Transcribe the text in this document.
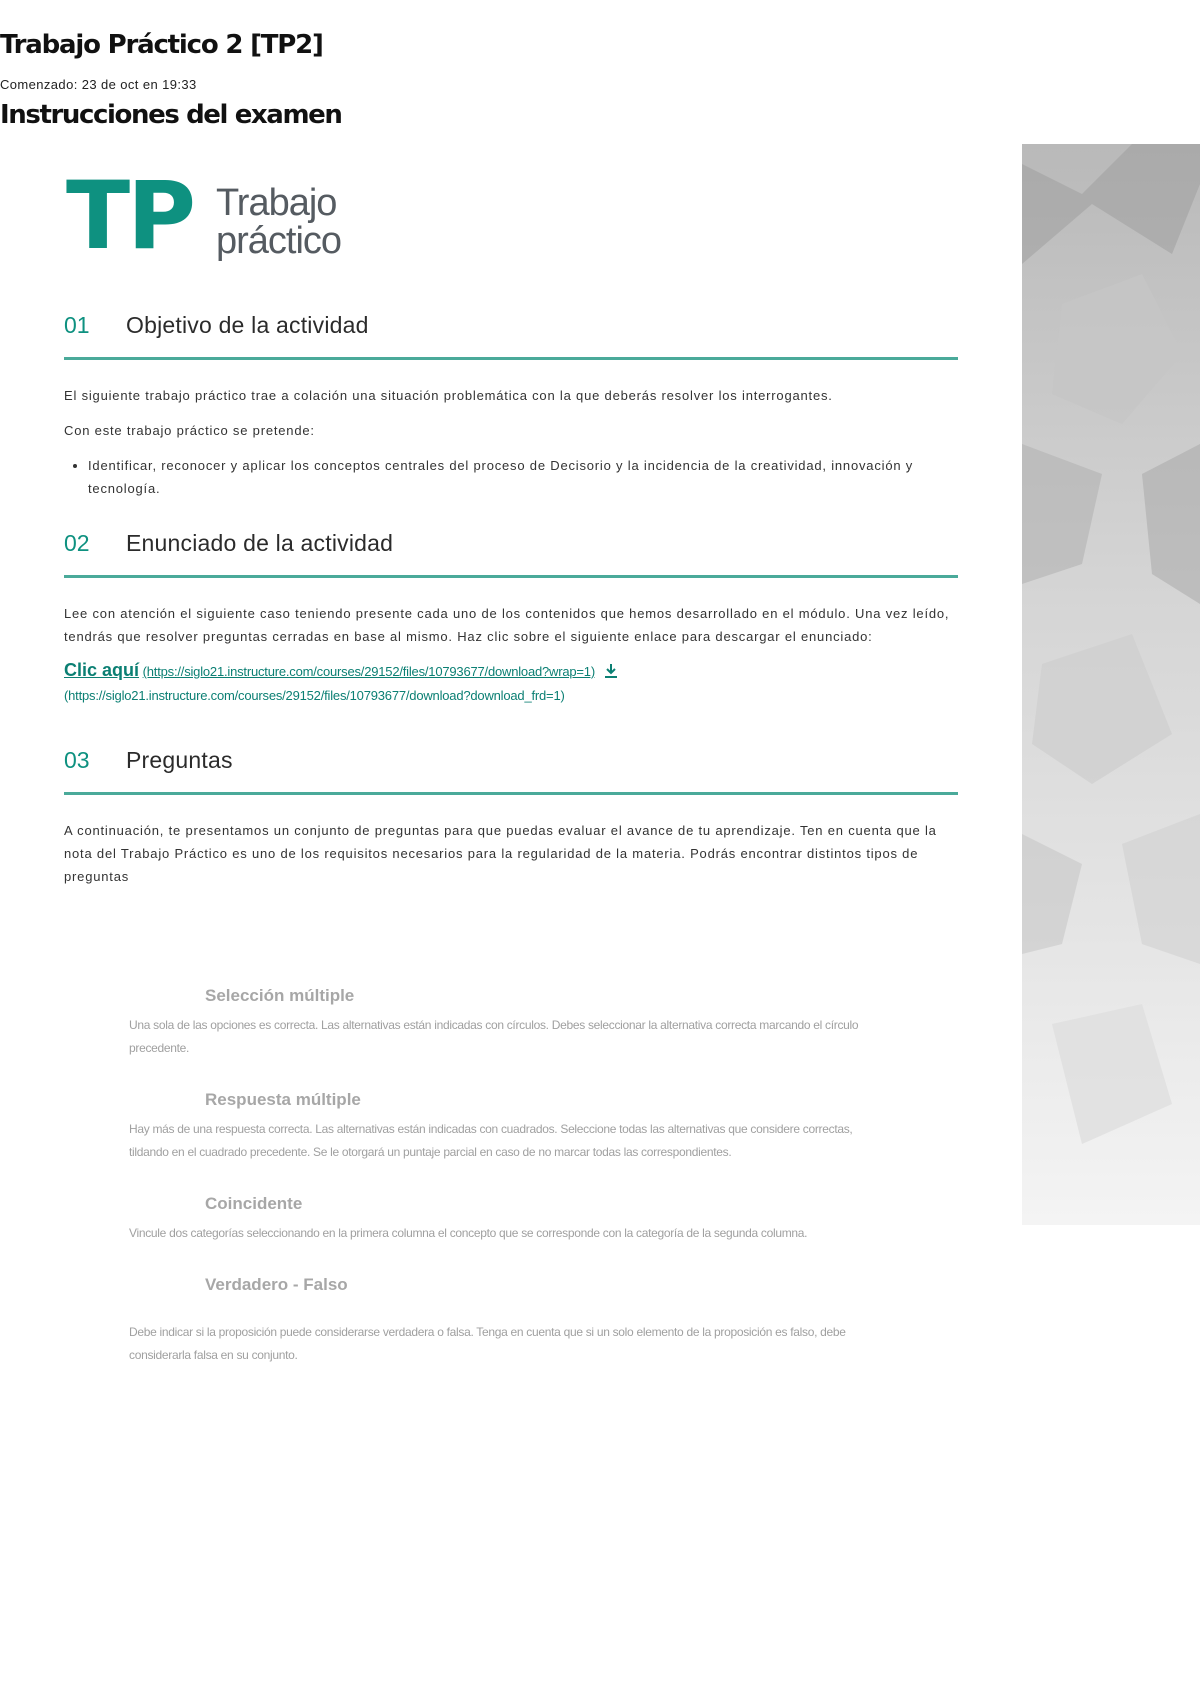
Trabajo Práctico 2 [TP2]
Comenzado: 23 de oct en 19:33
Instrucciones del examen
TP Trabajo
práctico
01	Objetivo de la actividad

El siguiente trabajo práctico trae a colación una situación problemática con la que deberás resolver los interrogantes.

Con este trabajo práctico se pretende:

• Identificar, reconocer y aplicar los conceptos centrales del proceso de Decisorio y la incidencia de la creatividad, innovación y tecnología.
02	Enunciado de la actividad

Lee con atención el siguiente caso teniendo presente cada uno de los contenidos que hemos desarrollado en el módulo. Una vez leído, tendrás que resolver preguntas cerradas en base al mismo. Haz clic sobre el siguiente enlace para descargar el enunciado:

Clic aquí (https://siglo21.instructure.com/courses/29152/files/10793677/download?wrap=1)
(https://siglo21.instructure.com/courses/29152/files/10793677/download?download_frd=1)
03	Preguntas

A continuación, te presentamos un conjunto de preguntas para que puedas evaluar el avance de tu aprendizaje. Ten en cuenta que la nota del Trabajo Práctico es uno de los requisitos necesarios para la regularidad de la materia. Podrás encontrar distintos tipos de preguntas

Selección múltiple
Una sola de las opciones es correcta. Las alternativas están indicadas con círculos. Debes seleccionar la alternativa correcta marcando el círculo precedente.
Respuesta múltiple
Hay más de una respuesta correcta. Las alternativas están indicadas con cuadrados. Seleccione todas las alternativas que considere correctas, tildando en el cuadrado precedente. Se le otorgará un puntaje parcial en caso de no marcar todas las correspondientes.
Coincidente
Vincule dos categorías seleccionando en la primera columna el concepto que se corresponde con la categoría de la segunda columna.
Verdadero - Falso
Debe indicar si la proposición puede considerarse verdadera o falsa. Tenga en cuenta que si un solo elemento de la proposición es falso, debe considerarla falsa en su conjunto.
